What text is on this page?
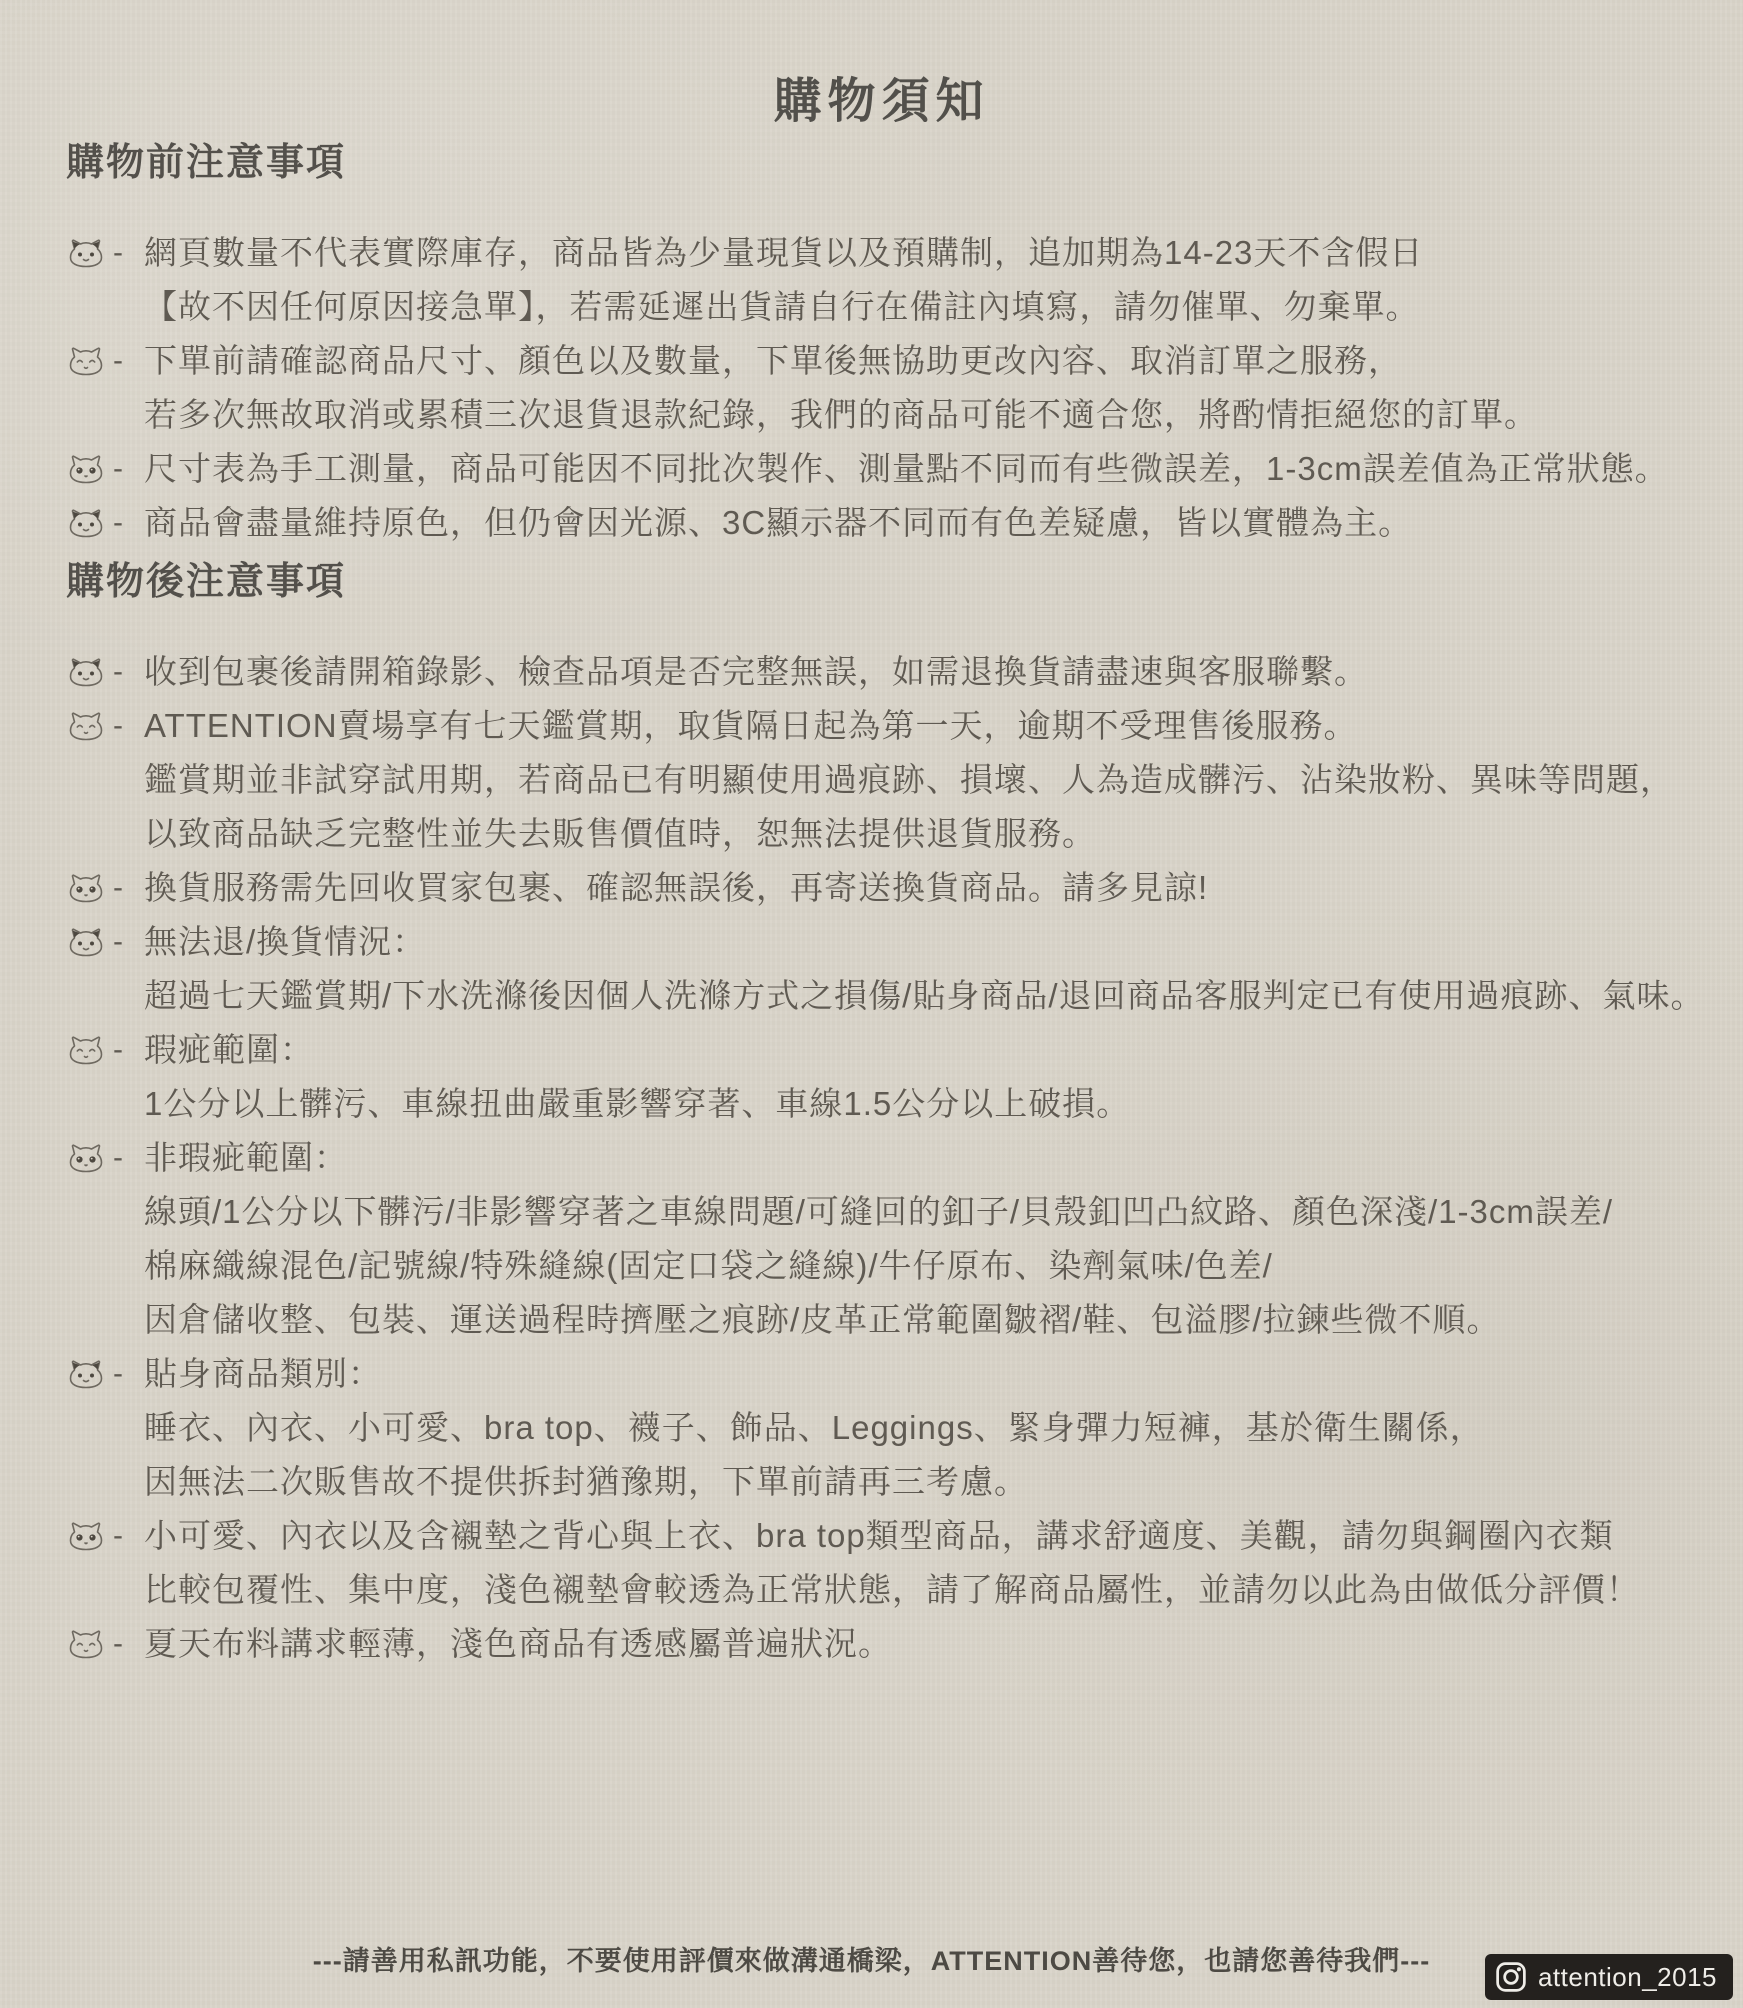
購物須知
購物前注意事項
- 網頁數量不代表實際庫存，商品皆為少量現貨以及預購制，追加期為14-23天不含假日
【故不因任何原因接急單】，若需延遲出貨請自行在備註內填寫，請勿催單、勿棄單。
- 下單前請確認商品尺寸、顏色以及數量，下單後無協助更改內容、取消訂單之服務，
若多次無故取消或累積三次退貨退款紀錄，我們的商品可能不適合您，將酌情拒絕您的訂單。
- 尺寸表為手工測量，商品可能因不同批次製作、測量點不同而有些微誤差，1-3cm誤差值為正常狀態。
- 商品會盡量維持原色，但仍會因光源、3C顯示器不同而有色差疑慮，皆以實體為主。
購物後注意事項
- 收到包裹後請開箱錄影、檢查品項是否完整無誤，如需退換貨請盡速與客服聯繫。
- ATTENTION賣場享有七天鑑賞期，取貨隔日起為第一天，逾期不受理售後服務。
鑑賞期並非試穿試用期，若商品已有明顯使用過痕跡、損壞、人為造成髒污、沾染妝粉、異味等問題，
以致商品缺乏完整性並失去販售價值時，恕無法提供退貨服務。
- 換貨服務需先回收買家包裹、確認無誤後，再寄送換貨商品。請多見諒!
- 無法退/換貨情況：
超過七天鑑賞期/下水洗滌後因個人洗滌方式之損傷/貼身商品/退回商品客服判定已有使用過痕跡、氣味。
- 瑕疵範圍：
1公分以上髒污、車線扭曲嚴重影響穿著、車線1.5公分以上破損。
- 非瑕疵範圍：
線頭/1公分以下髒污/非影響穿著之車線問題/可縫回的釦子/貝殼釦凹凸紋路、顏色深淺/1-3cm誤差/
棉麻織線混色/記號線/特殊縫線(固定口袋之縫線)/牛仔原布、染劑氣味/色差/
因倉儲收整、包裝、運送過程時擠壓之痕跡/皮革正常範圍皺褶/鞋、包溢膠/拉鍊些微不順。
- 貼身商品類別：
睡衣、內衣、小可愛、bra top、襪子、飾品、Leggings、緊身彈力短褲，基於衛生關係，
因無法二次販售故不提供拆封猶豫期，下單前請再三考慮。
- 小可愛、內衣以及含襯墊之背心與上衣、bra top類型商品，講求舒適度、美觀，請勿與鋼圈內衣類
比較包覆性、集中度，淺色襯墊會較透為正常狀態，請了解商品屬性，並請勿以此為由做低分評價！
- 夏天布料講求輕薄，淺色商品有透感屬普遍狀況。
---請善用私訊功能，不要使用評價來做溝通橋梁，ATTENTION善待您，也請您善待我們---
attention_2015
